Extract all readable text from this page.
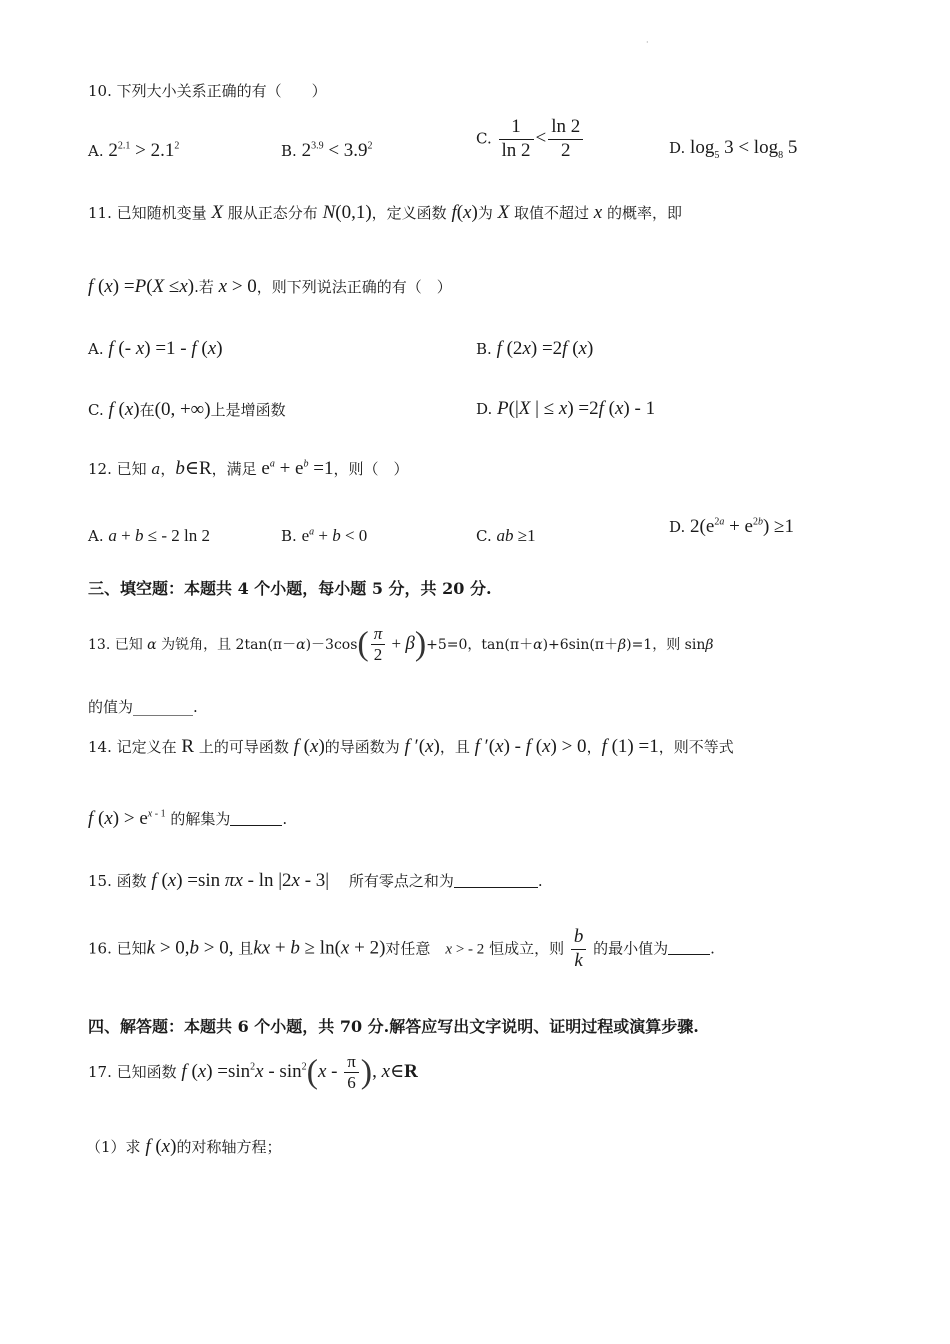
·
10. 下列大小关系正确的有（　　）
A. $2^{2.1} > 2.1^2$	B. $2^{3.9} < 3.9^2$	C. $\frac{1}{\ln 2} < \frac{\ln 2}{2}$	D. $\log_5 3 < \log_8 5$
11. 已知随机变量 X 服从正态分布 N(0,1)，定义函数 f(x)为 X 取值不超过 x 的概率，即
f (x) =P(X ≤x).若 x > 0，则下列说法正确的有（　）
A. f (- x) =1 - f (x)	B. f (2x) =2f (x)
C. f (x)在(0, +∞)上是增函数	D. P(|X | ≤ x) =2f (x) - 1
12. 已知 a，b∈R，满足 $e^a + e^b =1$，则（　）
A. a + b ≤ - 2 ln 2	B. $e^a + b < 0$	C. ab ≥1	D. $2(e^{2a} + e^{2b}) \ge 1$
三、填空题：本题共 4 个小题，每小题 5 分，共 20 分.
13. 已知 α 为锐角，且 $2\tan(\pi-\alpha)-3\cos( \frac{\pi}{2} + \beta)+5=0$，tan(π＋α)+6sin(π＋β)=1，则 sinβ
的值为________.
14. 记定义在 R 上的可导函数 f (x)的导函数为 f ′(x)，且 f ′(x) - f (x) > 0，f (1) =1，则不等式
f $(x) > e^{x - 1}$ 的解集为	.
15. 函数 f (x) =sin πx - ln |2x - 3|　 所有零点之和为	.
16. 已知k > 0,b > 0, 且kx + b ≥ ln(x + 2)对任意　x > - 2 恒成立，则 $\frac{b}{k}$ 的最小值为	.
四、解答题：本题共 6 个小题，共 70 分.解答应写出文字说明、证明过程或演算步骤.
17. 已知函数 f $(x) =\sin^2x - \sin^2(x - \frac{\pi}{6}$ ), x∈R
（1）求 f (x)的对称轴方程；
